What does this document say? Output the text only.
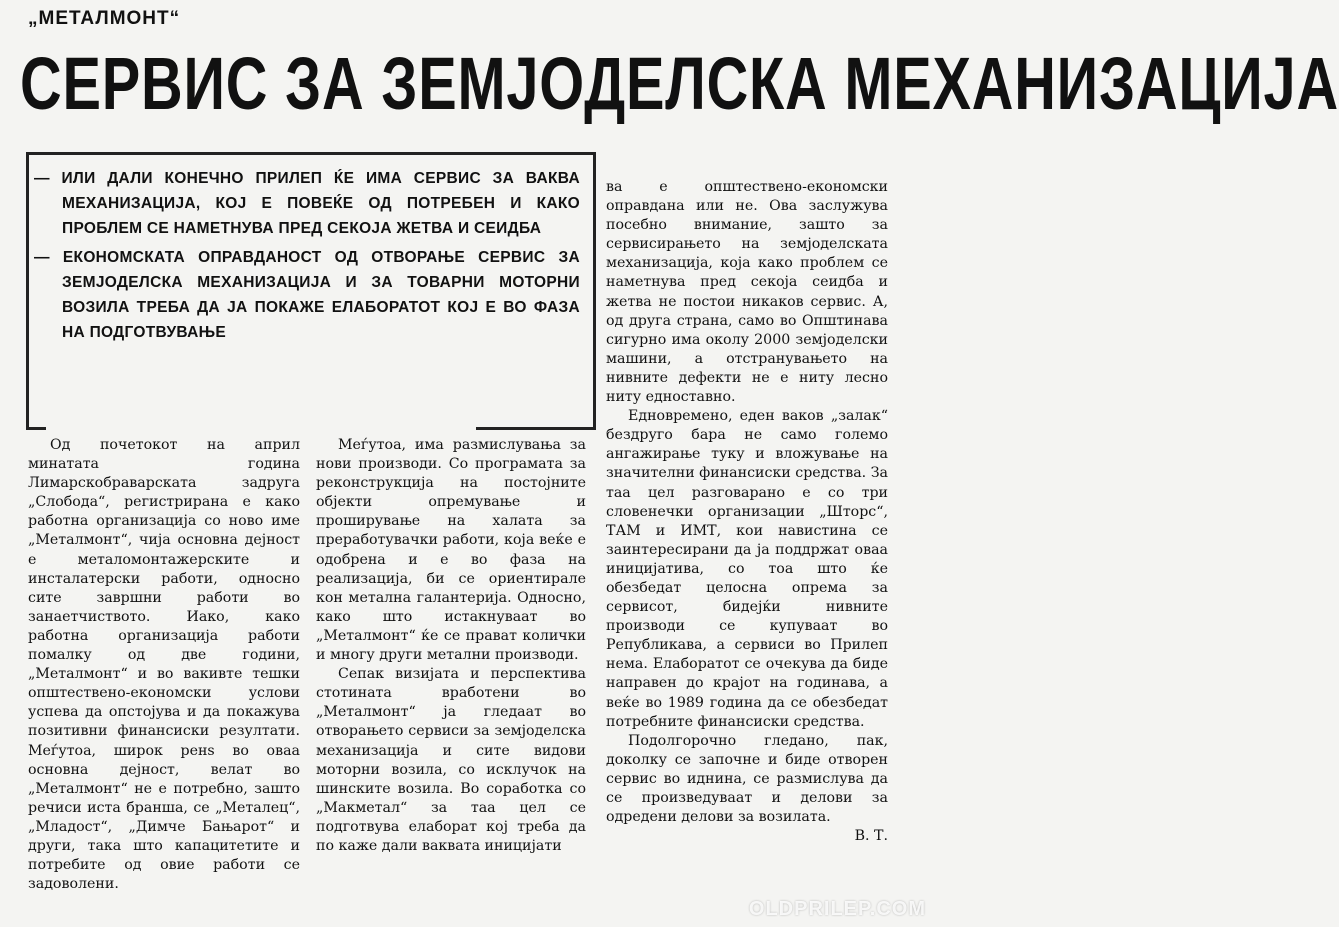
„МЕТАЛМОНТ“
СЕРВИС ЗА ЗЕМЈОДЕЛСКА МЕХАНИЗАЦИЈА

— ИЛИ ДАЛИ КОНЕЧНО ПРИЛЕП ЌЕ ИМА СЕРВИС ЗА ВАКВА МЕХАНИЗАЦИЈА, КОЈ Е ПОВЕЌЕ ОД ПОТРЕБЕН И КАКО ПРОБЛЕМ СЕ НАМЕТНУВА ПРЕД СЕКОЈА ЖЕТВА И СЕИДБА

— ЕКОНОМСКАТА ОПРАВДАНОСТ ОД ОТВОРАЊЕ СЕРВИС ЗА ЗЕМЈОДЕЛСКА МЕХАНИЗАЦИЈА И ЗА ТОВАРНИ МОТОРНИ ВОЗИЛА ТРЕБА ДА ЈА ПОКАЖЕ ЕЛАБОРАТОТ КОЈ Е ВО ФАЗА НА ПОДГОТВУВАЊЕ

Од почетокот на април минатата година Лимарскобраварската задруга „Слобода“, регистрирана е како работна организација со ново име „Металмонт“, чија основна дејност е металомонтажерските и инсталатерски работи, односно сите завршни работи во занаетчиството. Иако, како работна организација работи помалку од две години, „Металмонт“ и во вакивте тешки општествено-економски услови успева да опстојува и да покажува позитивни финансиски резултати. Меѓутоа, широк ренѕ во оваа основна дејност, велат во „Металмонт“ не е потребно, зашто речиси иста бранша, се „Металец“, „Младост“, „Димче Бањарот“ и други, така што капацитетите и потребите од овие работи се задоволени.

Меѓутоа, има размислувања за нови производи. Со програмата за реконструкција на постојните објекти опремување и проширување на халата за преработувачки работи, која веќе е одобрена и е во фаза на реализација, би се ориентирале кон метална галантерија. Односно, како што истакнуваат во „Металмонт“ ќе се прават колички и многу други метални производи.

Сепак визијата и перспектива стотината вработени во „Металмонт“ ја гледаат во отворањето сервиси за земјоделска механизација и сите видови моторни возила, со исклучок на шинските возила. Во соработка со „Макметал“ за таа цел се подготвува елаборат кој треба да по каже дали ваквата иницијати

ва е општествено-економски оправдана или не. Ова заслужува посебно внимание, зашто за сервисирањето на земјоделската механизација, која како проблем се наметнува пред секоја сеидба и жетва не постои никаков сервис. А, од друга страна, само во Општинава сигурно има околу 2000 земјоделски машини, а отстранувањето на нивните дефекти не е ниту лесно ниту едноставно.

Едновремено, еден ваков „залак“ бездруго бара не само големо ангажирање туку и вложување на значителни финансиски средства. За таа цел разговарано е со три словенечки организации „Шторс“, ТАМ и ИМТ, кои навистина се заинтересирани да ја поддржат оваа иницијатива, со тоа што ќе обезбедат целосна опрема за сервисот, бидејќи нивните производи се купуваат во Републикава, а сервиси во Прилеп нема. Елаборатот се очекува да биде направен до крајот на годинава, а веќе во 1989 година да се обезбедат потребните финансиски средства.

Подолгорочно гледано, пак, доколку се започне и биде отворен сервис во иднина, се размислува да се произведуваат и делови за одредени делови за возилата.

В. Т.
OLDPRILEP.COM
